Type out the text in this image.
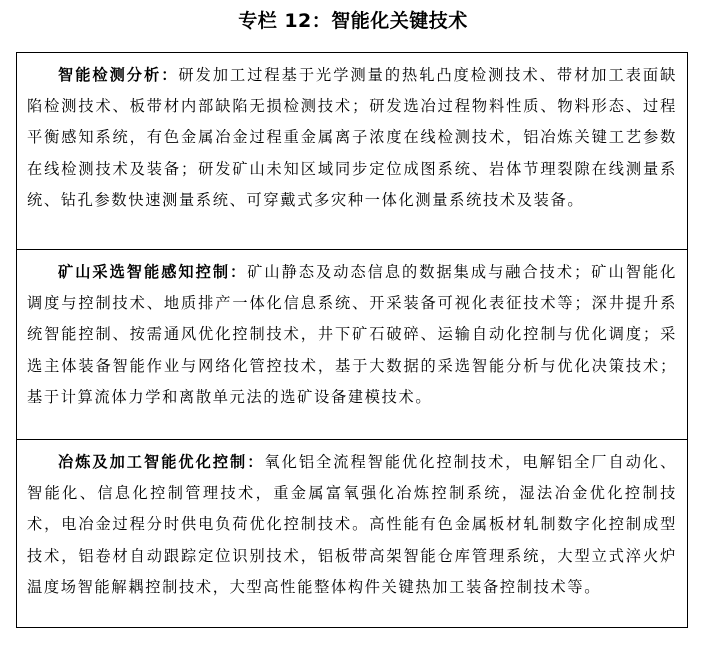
专栏 12：智能化关键技术
智能检测分析：研发加工过程基于光学测量的热轧凸度检测技术、带材加工表面缺陷检测技术、板带材内部缺陷无损检测技术；研发选冶过程物料性质、物料形态、过程平衡感知系统，有色金属冶金过程重金属离子浓度在线检测技术，铝冶炼关键工艺参数在线检测技术及装备；研发矿山未知区域同步定位成图系统、岩体节理裂隙在线测量系统、钻孔参数快速测量系统、可穿戴式多灾种一体化测量系统技术及装备。
矿山采选智能感知控制：矿山静态及动态信息的数据集成与融合技术；矿山智能化调度与控制技术、地质排产一体化信息系统、开采装备可视化表征技术等；深井提升系统智能控制、按需通风优化控制技术，井下矿石破碎、运输自动化控制与优化调度；采选主体装备智能作业与网络化管控技术，基于大数据的采选智能分析与优化决策技术；基于计算流体力学和离散单元法的选矿设备建模技术。
冶炼及加工智能优化控制：氧化铝全流程智能优化控制技术，电解铝全厂自动化、智能化、信息化控制管理技术，重金属富氧强化冶炼控制系统，湿法冶金优化控制技术，电冶金过程分时供电负荷优化控制技术。高性能有色金属板材轧制数字化控制成型技术，铝卷材自动跟踪定位识别技术，铝板带高架智能仓库管理系统，大型立式淬火炉温度场智能解耦控制技术，大型高性能整体构件关键热加工装备控制技术等。
